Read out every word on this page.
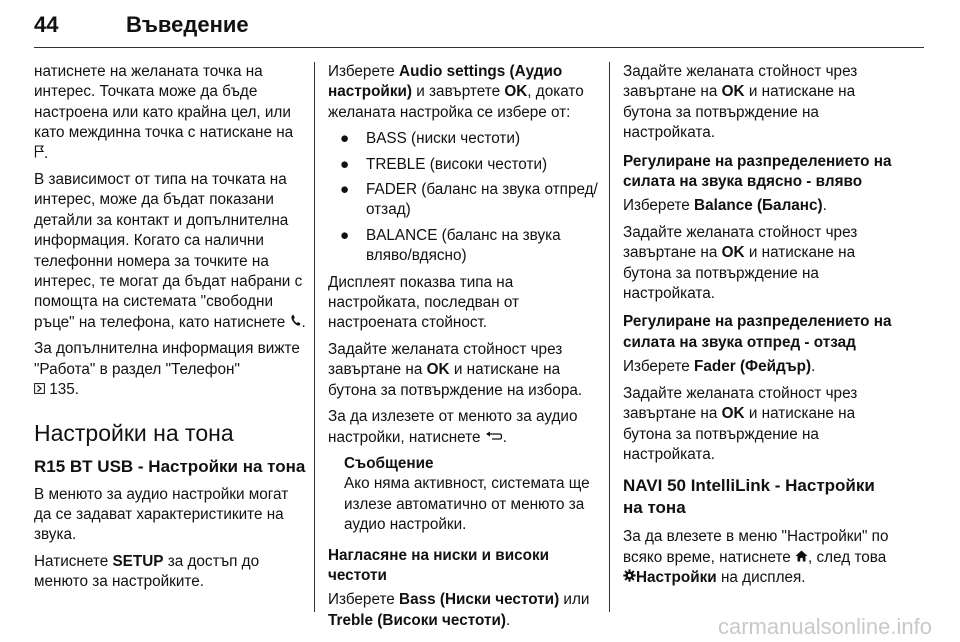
44	Въведение

натиснете на желаната точка на интерес. Точката може да бъде настроена или като крайна цел, или като междинна точка с натискане на .

В зависимост от типа на точката на интерес, може да бъдат показани детайли за контакт и допълнителна информация. Когато са налични телефонни номера за точките на интерес, те могат да бъдат набрани с помощта на системата "свободни ръце" на телефона, като натиснете .

За допълнителна информация вижте "Работа" в раздел "Телефон"
135.

Настройки на тона
R15 BT USB - Настройки на тона

В менюто за аудио настройки могат да се задават характеристиките на звука.

Натиснете SETUP за достъп до менюто за настройките.

Изберете Audio settings (Аудио настройки) и завъртете OK, докато желаната настройка се избере от:

● BASS (ниски честоти)
● TREBLE (високи честоти)
● FADER (баланс на звука отпред/отзад)
● BALANCE (баланс на звука вляво/вдясно)

Дисплеят показва типа на настройката, последван от настроената стойност.

Задайте желаната стойност чрез завъртане на OK и натискане на бутона за потвърждение на избора.

За да излезете от менюто за аудио настройки, натиснете .

Съобщение

Ако няма активност, системата ще излезе автоматично от менюто за аудио настройки.

Нагласяне на ниски и високи честоти

Изберете Bass (Ниски честоти) или Treble (Високи честоти).

Задайте желаната стойност чрез завъртане на OK и натискане на бутона за потвърждение на настройката.

Регулиране на разпределението на силата на звука вдясно - вляво

Изберете Balance (Баланс).

Задайте желаната стойност чрез завъртане на OK и натискане на бутона за потвърждение на настройката.

Регулиране на разпределението на силата на звука отпред - отзад

Изберете Fader (Фейдър).

Задайте желаната стойност чрез завъртане на OK и натискане на бутона за потвърждение на настройката.

NAVI 50 IntelliLink - Настройки на тона

За да влезете в меню "Настройки" по всяко време, натиснете , след това Настройки на дисплея.

carmanualsonline.info
